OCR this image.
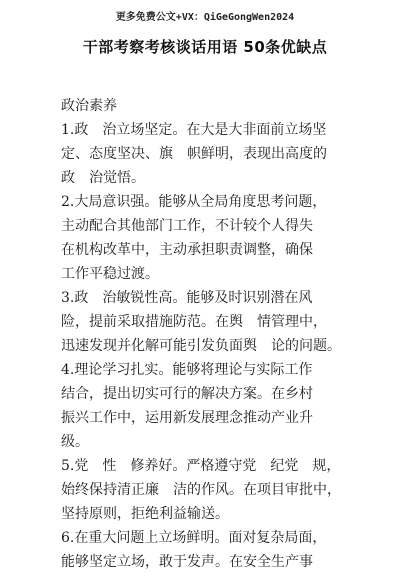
更多免费公文+VX：QiGeGongWen2024
干部考察考核谈话用语 50条优缺点

政治素养

1.政　治立场坚定。在大是大非面前立场坚
定、态度坚决、旗　帜鲜明，表现出高度的
政　治觉悟。

2.大局意识强。能够从全局角度思考问题，
主动配合其他部门工作，不计较个人得失
在机构改革中，主动承担职责调整，确保
工作平稳过渡。

3.政　治敏锐性高。能够及时识别潜在风
险，提前采取措施防范。在舆　情管理中，
迅速发现并化解可能引发负面舆　论的问题。

4.理论学习扎实。能够将理论与实际工作
结合，提出切实可行的解决方案。在乡村
振兴工作中，运用新发展理念推动产业升
级。

5.党　性　修养好。严格遵守党　纪党　规，
始终保持清正廉　洁的作风。在项目审批中，
坚持原则，拒绝利益输送。

6.在重大问题上立场鲜明。面对复杂局面，
能够坚定立场，敢于发声。在安全生产事
